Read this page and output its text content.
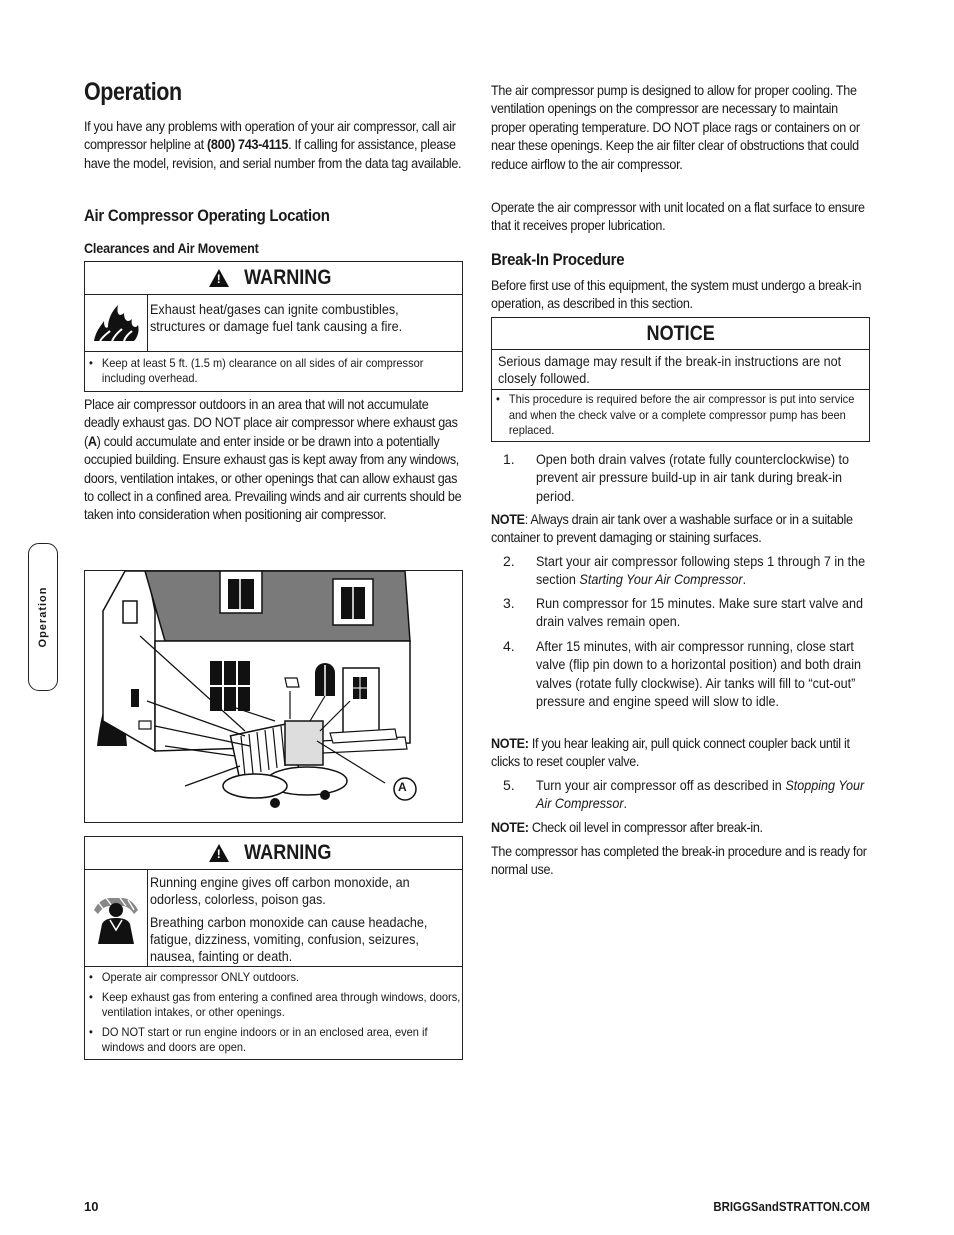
Operation
Operation

If you have any problems with operation of your air compressor, call air compressor helpline at (800) 743-4115. If calling for assistance, please have the model, revision, and serial number from the data tag available.

Air Compressor Operating Location
Clearances and Air Movement
! WARNING

Exhaust heat/gases can ignite combustibles, structures or damage fuel tank causing a fire.

• Keep at least 5 ft. (1.5 m) clearance on all sides of air compressor including overhead.

Place air compressor outdoors in an area that will not accumulate deadly exhaust gas. DO NOT place air compressor where exhaust gas (A) could accumulate and enter inside or be drawn into a potentially occupied building. Ensure exhaust gas is kept away from any windows, doors, ventilation intakes, or other openings that can allow exhaust gas to collect in a confined area. Prevailing winds and air currents should be taken into consideration when positioning air compressor.

A
! WARNING

Running engine gives off carbon monoxide, an odorless, colorless, poison gas.

Breathing carbon monoxide can cause headache, fatigue, dizziness, vomiting, confusion, seizures, nausea, fainting or death.

• Operate air compressor ONLY outdoors.
• Keep exhaust gas from entering a confined area through windows, doors, ventilation intakes, or other openings.
• DO NOT start or run engine indoors or in an enclosed area, even if windows and doors are open.

The air compressor pump is designed to allow for proper cooling. The ventilation openings on the compressor are necessary to maintain proper operating temperature. DO NOT place rags or containers on or near these openings. Keep the air filter clear of obstructions that could reduce airflow to the air compressor.

Operate the air compressor with unit located on a flat surface to ensure that it receives proper lubrication.

Break-In Procedure

Before first use of this equipment, the system must undergo a break-in operation, as described in this section.

NOTICE

Serious damage may result if the break-in instructions are not closely followed.

• This procedure is required before the air compressor is put into service and when the check valve or a complete compressor pump has been replaced.
1. Open both drain valves (rotate fully counterclockwise) to prevent air pressure build-up in air tank during break-in period.

NOTE: Always drain air tank over a washable surface or in a suitable container to prevent damaging or staining surfaces.

2. Start your air compressor following steps 1 through 7 in the section Starting Your Air Compressor.

3. Run compressor for 15 minutes. Make sure start valve and drain valves remain open.

4. After 15 minutes, with air compressor running, close start valve (flip pin down to a horizontal position) and both drain valves (rotate fully clockwise). Air tanks will fill to “cut-out” pressure and engine speed will slow to idle.

NOTE: If you hear leaking air, pull quick connect coupler back until it clicks to reset coupler valve.

5. Turn your air compressor off as described in Stopping Your Air Compressor.

NOTE: Check oil level in compressor after break-in.

The compressor has completed the break-in procedure and is ready for normal use.

10	BRIGGSandSTRATTON.COM
